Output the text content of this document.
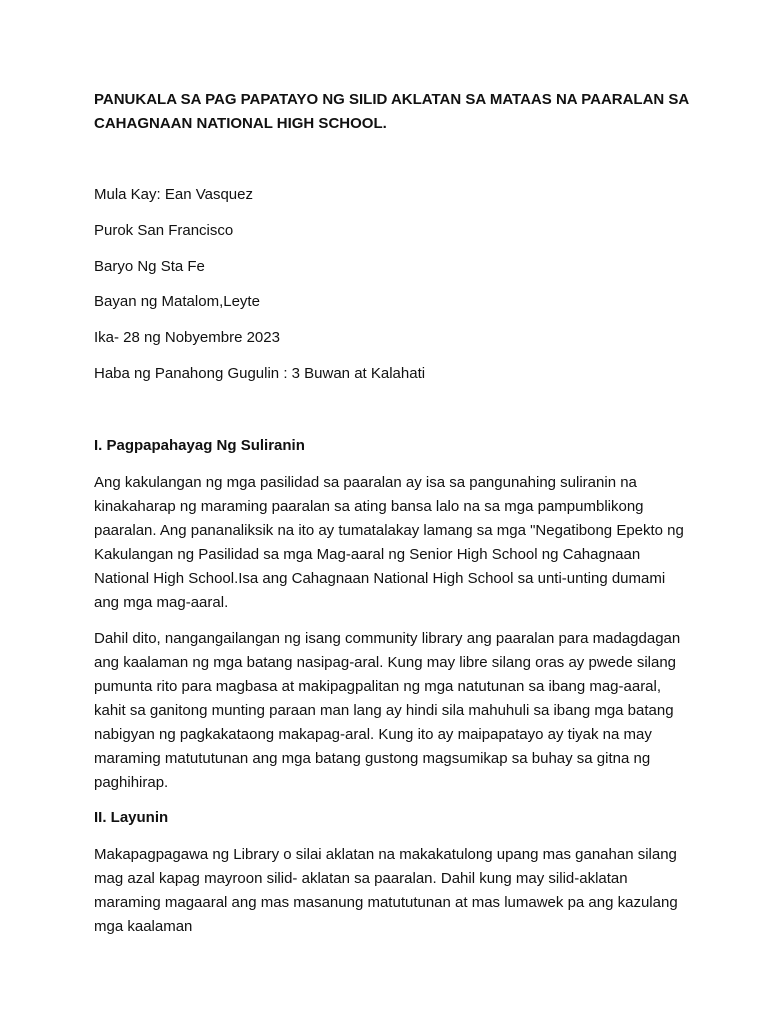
PANUKALA SA PAG PAPATAYO NG SILID AKLATAN SA MATAAS NA PAARALAN SA CAHAGNAAN NATIONAL HIGH SCHOOL.

Mula Kay: Ean Vasquez

Purok San Francisco

Baryo Ng Sta Fe

Bayan ng Matalom,Leyte

Ika- 28 ng Nobyembre 2023

Haba ng Panahong Gugulin : 3 Buwan at Kalahati

I. Pagpapahayag Ng Suliranin

Ang kakulangan ng mga pasilidad sa paaralan ay isa sa pangunahing suliranin na kinakaharap ng maraming paaralan sa ating bansa lalo na sa mga pampumblikong paaralan. Ang pananaliksik na ito ay tumatalakay lamang sa mga "Negatibong Epekto ng Kakulangan ng Pasilidad sa mga Mag-aaral ng Senior High School ng Cahagnaan National High School.Isa ang Cahagnaan National High School sa unti-unting dumami ang mga mag-aaral.

Dahil dito, nangangailangan ng isang community library ang paaralan para madagdagan ang kaalaman ng mga batang nasipag-aral. Kung may libre silang oras ay pwede silang pumunta rito para magbasa at makipagpalitan ng mga natutunan sa ibang mag-aaral, kahit sa ganitong munting paraan man lang ay hindi sila mahuhuli sa ibang mga batang nabigyan ng pagkakataong makapag-aral. Kung ito ay maipapatayo ay tiyak na may maraming matututunan ang mga batang gustong magsumikap sa buhay sa gitna ng paghihirap.

II. Layunin

Makapagpagawa ng Library o silai aklatan na makakatulong upang mas ganahan silang mag azal kapag mayroon silid- aklatan sa paaralan. Dahil kung may silid-aklatan maraming magaaral ang mas masanung matututunan at mas lumawek pa ang kazulang mga kaalaman
